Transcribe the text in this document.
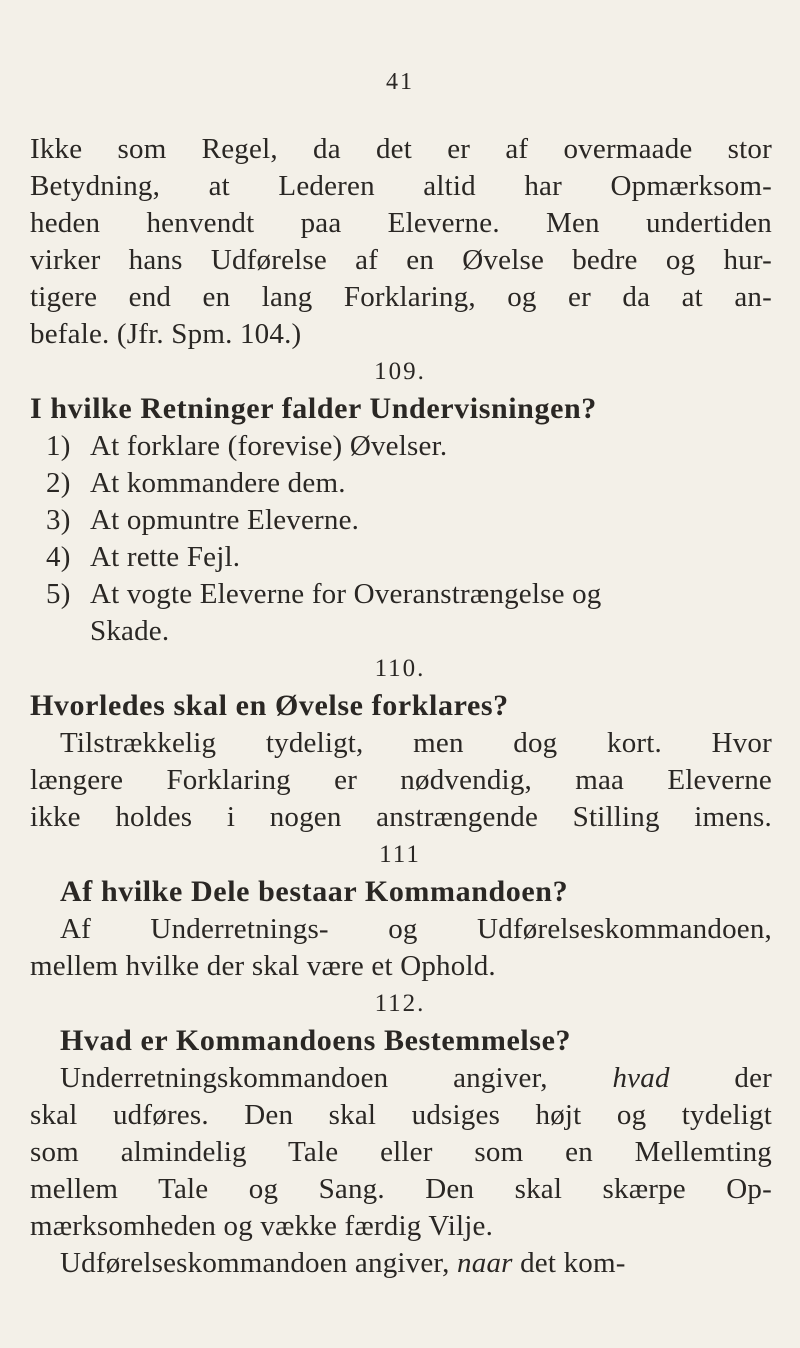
41
Ikke som Regel, da det er af overmaade stor
Betydning, at Lederen altid har Opmærksom-
heden henvendt paa Eleverne. Men undertiden
virker hans Udførelse af en Øvelse bedre og hur-
tigere end en lang Forklaring, og er da at an-
befale. (Jfr. Spm. 104.)
109.
I hvilke Retninger falder Undervisningen?
1) At forklare (forevise) Øvelser.
2) At kommandere dem.
3) At opmuntre Eleverne.
4) At rette Fejl.
5) At vogte Eleverne for Overanstrængelse og
Skade.
110.
Hvorledes skal en Øvelse forklares?
Tilstrækkelig tydeligt, men dog kort. Hvor
længere Forklaring er nødvendig, maa Eleverne
ikke holdes i nogen anstrængende Stilling imens.
111
Af hvilke Dele bestaar Kommandoen?
Af Underretnings- og Udførelseskommandoen,
mellem hvilke der skal være et Ophold.
112.
Hvad er Kommandoens Bestemmelse?
Underretningskommandoen angiver, hvad der
skal udføres. Den skal udsiges højt og tydeligt
som almindelig Tale eller som en Mellemting
mellem Tale og Sang. Den skal skærpe Op-
mærksomheden og vække færdig Vilje.
Udførelseskommandoen angiver, naar det kom-
